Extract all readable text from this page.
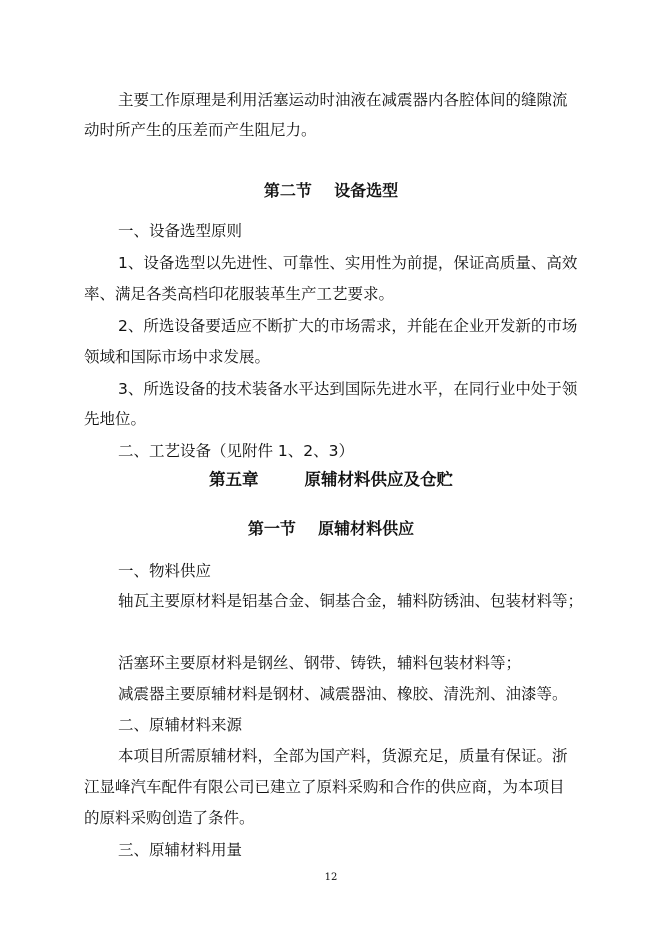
主要工作原理是利用活塞运动时油液在减震器内各腔体间的缝隙流
动时所产生的压差而产生阻尼力。
第二节    设备选型
一、设备选型原则
1、设备选型以先进性、可靠性、实用性为前提，保证高质量、高效
率、满足各类高档印花服装革生产工艺要求。
2、所选设备要适应不断扩大的市场需求，并能在企业开发新的市场
领域和国际市场中求发展。
3、所选设备的技术装备水平达到国际先进水平，在同行业中处于领
先地位。
二、工艺设备（见附件 1、2、3）
第五章        原辅材料供应及仓贮
第一节    原辅材料供应
一、物料供应
轴瓦主要原材料是铝基合金、铜基合金，辅料防锈油、包装材料等；
活塞环主要原材料是钢丝、钢带、铸铁，辅料包装材料等；
减震器主要原辅材料是钢材、减震器油、橡胶、清洗剂、油漆等。
二、原辅材料来源
本项目所需原辅材料，全部为国产料，货源充足，质量有保证。浙
江显峰汽车配件有限公司已建立了原料采购和合作的供应商，为本项目
的原料采购创造了条件。
三、原辅材料用量
12
